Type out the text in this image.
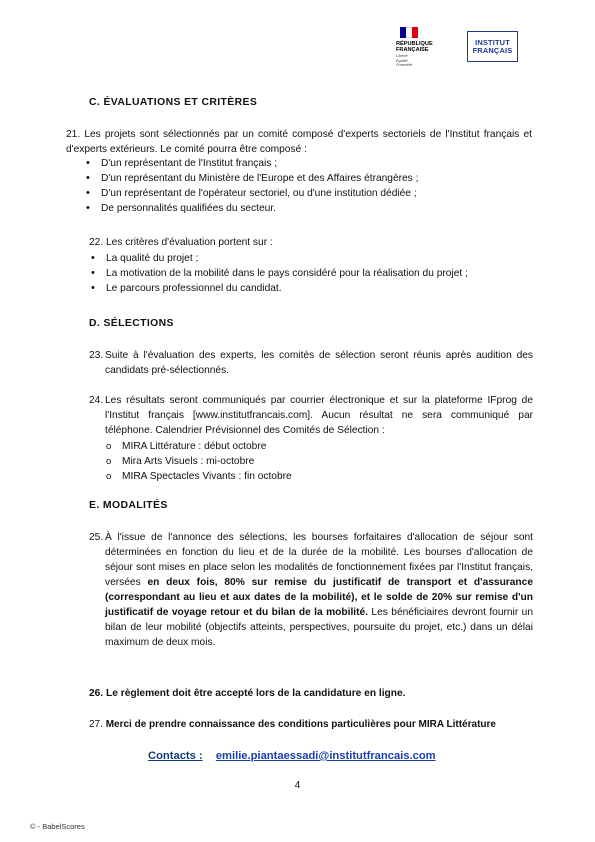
RÉPUBLIQUE
FRANÇAISE
Liberté
Égalité
Fraternité
INSTITUT
FRANÇAIS
C. ÉVALUATIONS ET CRITÈRES
21. Les projets sont sélectionnés par un comité composé d'experts sectoriels de l'Institut français et d'experts extérieurs. Le comité pourra être composé :
• D'un représentant de l'Institut français ;
• D'un représentant du Ministère de l'Europe et des Affaires étrangères ;
• D'un représentant de l'opérateur sectoriel, ou d'une institution dédiée ;
• De personnalités qualifiées du secteur.
22. Les critères d'évaluation portent sur :
• La qualité du projet ;
• La motivation de la mobilité dans le pays considéré pour la réalisation du projet ;
• Le parcours professionnel du candidat.
D. SÉLECTIONS
23. Suite à l'évaluation des experts, les comités de sélection seront réunis après audition des candidats pré-sélectionnés.
24. Les résultats seront communiqués par courrier électronique et sur la plateforme IFprog de l'Institut français [www.institutfrancais.com]. Aucun résultat ne sera communiqué par téléphone. Calendrier Prévisionnel des Comités de Sélection :
o MIRA Littérature : début octobre
o Mira Arts Visuels : mi-octobre
o MIRA Spectacles Vivants : fin octobre
E. MODALITÉS
25. À l'issue de l'annonce des sélections, les bourses forfaitaires d'allocation de séjour sont déterminées en fonction du lieu et de la durée de la mobilité. Les bourses d'allocation de séjour sont mises en place selon les modalités de fonctionnement fixées par l'Institut français, versées en deux fois, 80% sur remise du justificatif de transport et d'assurance (correspondant au lieu et aux dates de la mobilité), et le solde de 20% sur remise d'un justificatif de voyage retour et du bilan de la mobilité. Les bénéficiaires devront fournir un bilan de leur mobilité (objectifs atteints, perspectives, poursuite du projet, etc.) dans un délai maximum de deux mois.
26. Le règlement doit être accepté lors de la candidature en ligne.
27. Merci de prendre connaissance des conditions particulières pour MIRA Littérature
Contacts : emilie.piantaessadi@institutfrancais.com
4
© - BabelScores
